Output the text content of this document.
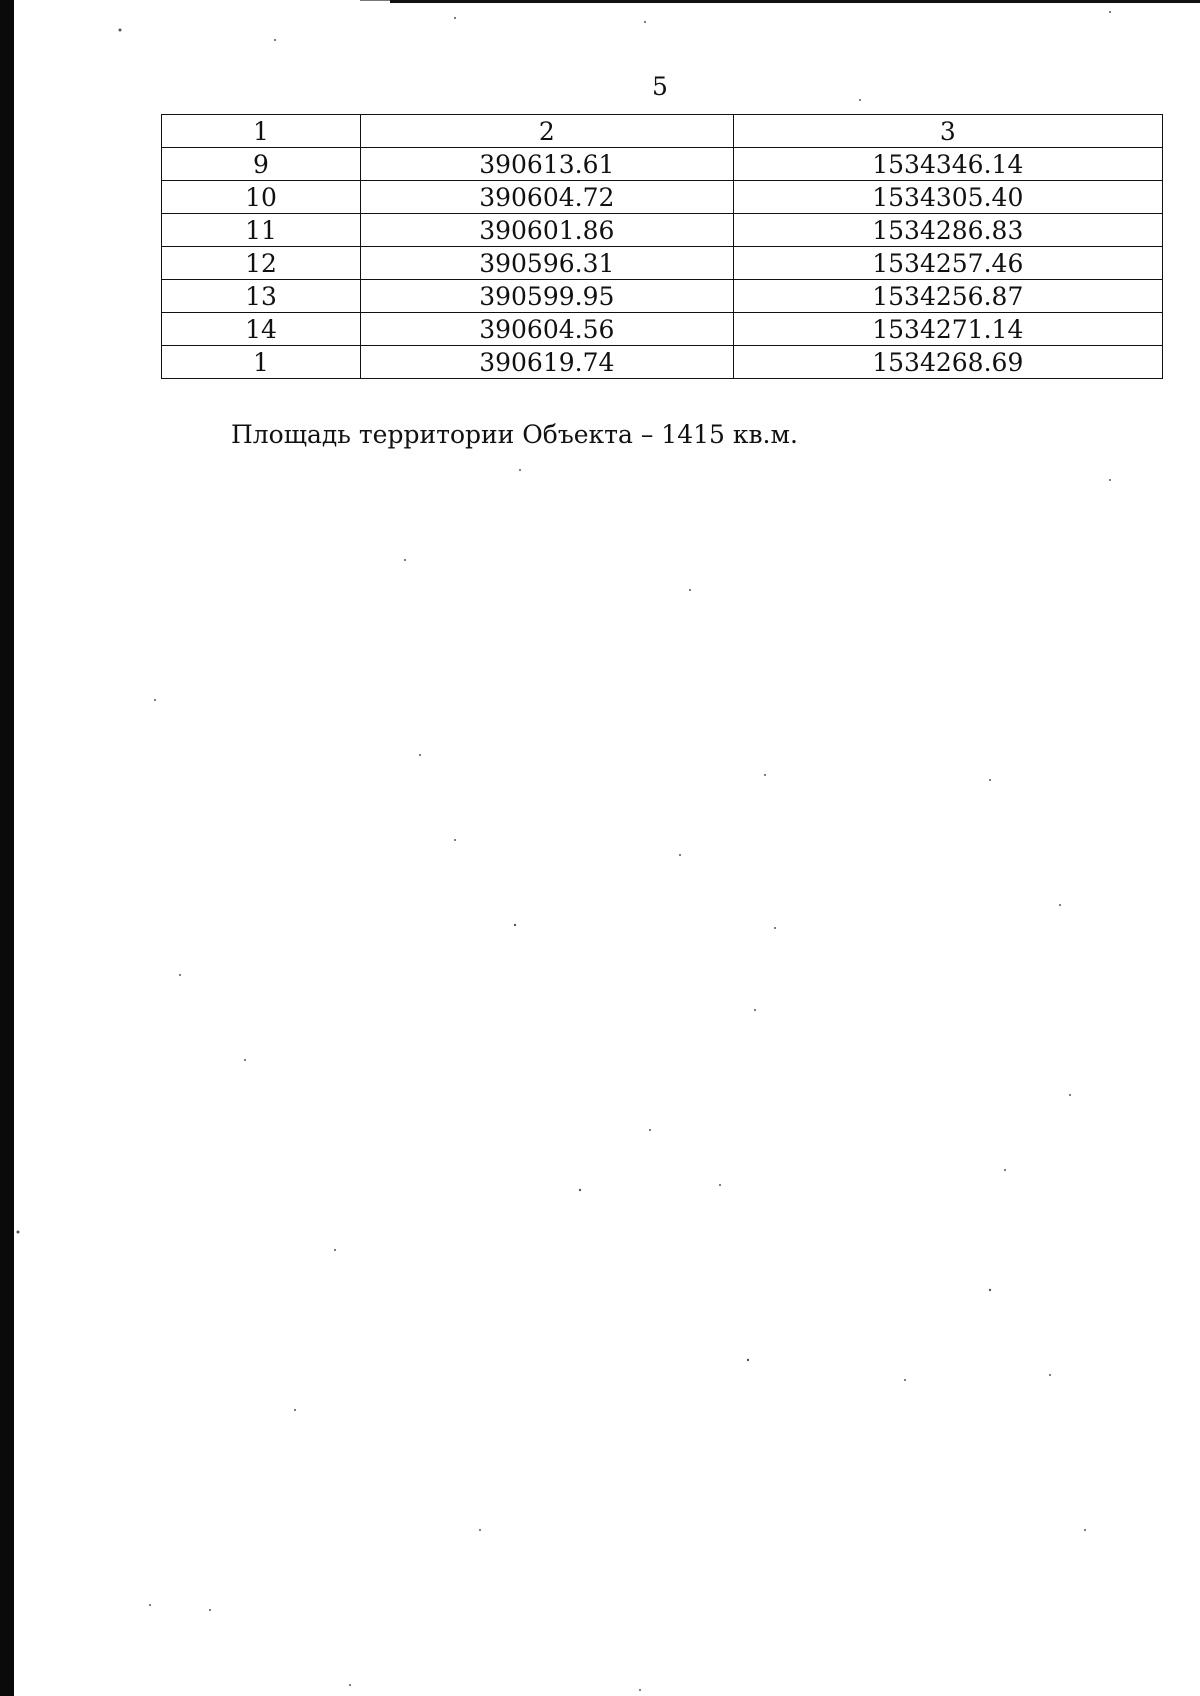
5
1	2	3
9	390613.61	1534346.14
10	390604.72	1534305.40
11	390601.86	1534286.83
12	390596.31	1534257.46
13	390599.95	1534256.87
14	390604.56	1534271.14
1	390619.74	1534268.69
Площадь территории Объекта – 1415 кв.м.
